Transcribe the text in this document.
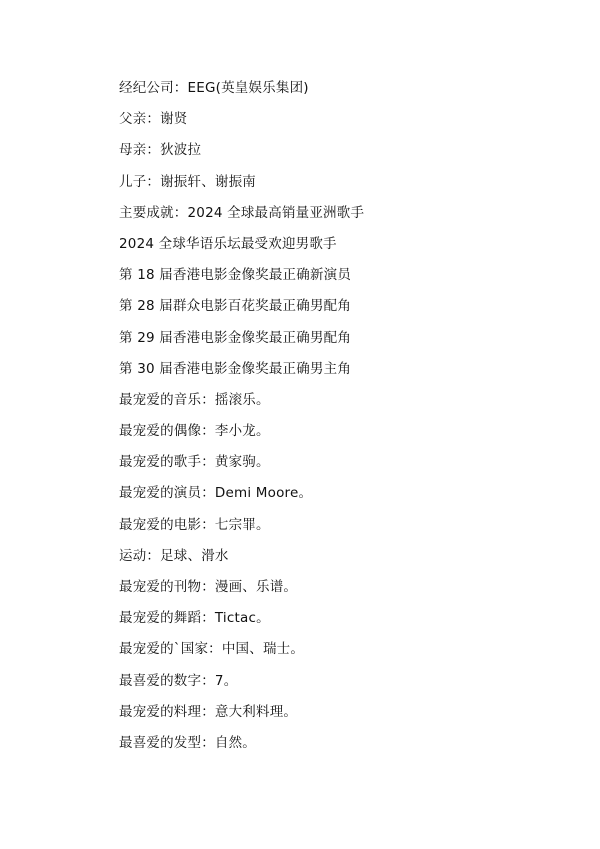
经纪公司：EEG(英皇娱乐集团)
父亲：谢贤
母亲：狄波拉
儿子：谢振轩、谢振南
主要成就：2024 全球最高销量亚洲歌手
2024 全球华语乐坛最受欢迎男歌手
第 18 届香港电影金像奖最正确新演员
第 28 届群众电影百花奖最正确男配角
第 29 届香港电影金像奖最正确男配角
第 30 届香港电影金像奖最正确男主角
最宠爱的音乐：摇滚乐。
最宠爱的偶像：李小龙。
最宠爱的歌手：黄家驹。
最宠爱的演员：Demi Moore。
最宠爱的电影：七宗罪。
运动：足球、滑水
最宠爱的刊物：漫画、乐谱。
最宠爱的舞蹈：Tictac。
最宠爱的`国家：中国、瑞士。
最喜爱的数字：7。
最宠爱的料理：意大利料理。
最喜爱的发型：自然。
